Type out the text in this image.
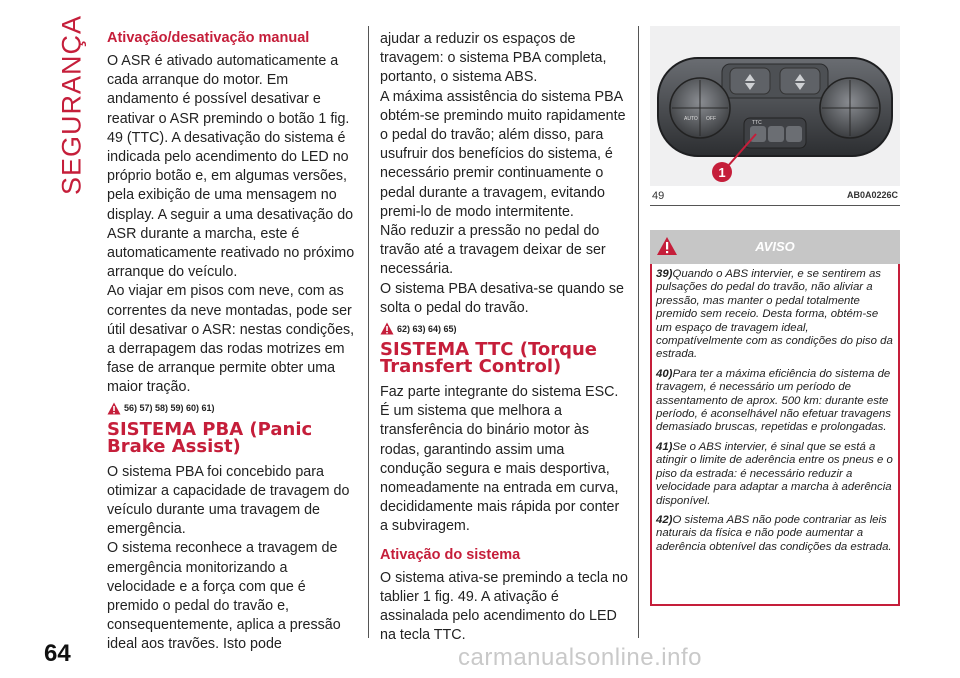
SEGURANÇA Ativação/desativação manual

O ASR é ativado automaticamente a cada arranque do motor. Em andamento é possível desativar e reativar o ASR premindo o botão 1 fig. 49 (TTC). A desativação do sistema é indicada pelo acendimento do LED no próprio botão e, em algumas versões, pela exibição de uma mensagem no display. A seguir a uma desativação do ASR durante a marcha, este é automaticamente reativado no próximo arranque do veículo.

Ao viajar em pisos com neve, com as correntes da neve montadas, pode ser útil desativar o ASR: nestas condições, a derrapagem das rodas motrizes em fase de arranque permite obter uma maior tração.

56) 57) 58) 59) 60) 61)
SISTEMA PBA (Panic Brake Assist)

O sistema PBA foi concebido para otimizar a capacidade de travagem do veículo durante uma travagem de emergência.

O sistema reconhece a travagem de emergência monitorizando a velocidade e a força com que é premido o pedal do travão e, consequentemente, aplica a pressão ideal aos travões. Isto pode

ajudar a reduzir os espaços de travagem: o sistema PBA completa, portanto, o sistema ABS.

A máxima assistência do sistema PBA obtém-se premindo muito rapidamente o pedal do travão; além disso, para usufruir dos benefícios do sistema, é necessário premir continuamente o pedal durante a travagem, evitando premi-lo de modo intermitente.

Não reduzir a pressão no pedal do travão até a travagem deixar de ser necessária.

O sistema PBA desativa-se quando se solta o pedal do travão.

62) 63) 64) 65)
SISTEMA TTC (Torque Transfert Control)

Faz parte integrante do sistema ESC. É um sistema que melhora a transferência do binário motor às rodas, garantindo assim uma condução segura e mais desportiva, nomeadamente na entrada em curva, decididamente mais rápida por conter a subviragem.

Ativação do sistema

O sistema ativa-se premindo a tecla no tablier 1 fig. 49. A ativação é assinalada pelo acendimento do LED na tecla TTC.

AUTO OFF
TTC
1
49	AB0A0226C
AVISO

39)Quando o ABS intervier, e se sentirem as pulsações do pedal do travão, não aliviar a pressão, mas manter o pedal totalmente premido sem receio. Desta forma, obtém-se um espaço de travagem ideal, compatívelmente com as condições do piso da estrada.

40)Para ter a máxima eficiência do sistema de travagem, é necessário um período de assentamento de aprox. 500 km: durante este período, é aconselhável não efetuar travagens demasiado bruscas, repetidas e prolongadas.

41)Se o ABS intervier, é sinal que se está a atingir o limite de aderência entre os pneus e o piso da estrada: é necessário reduzir a velocidade para adaptar a marcha à aderência disponível.

42)O sistema ABS não pode contrariar as leis naturais da física e não pode aumentar a aderência obtenível das condições da estrada.

64	carmanualsonline.info
